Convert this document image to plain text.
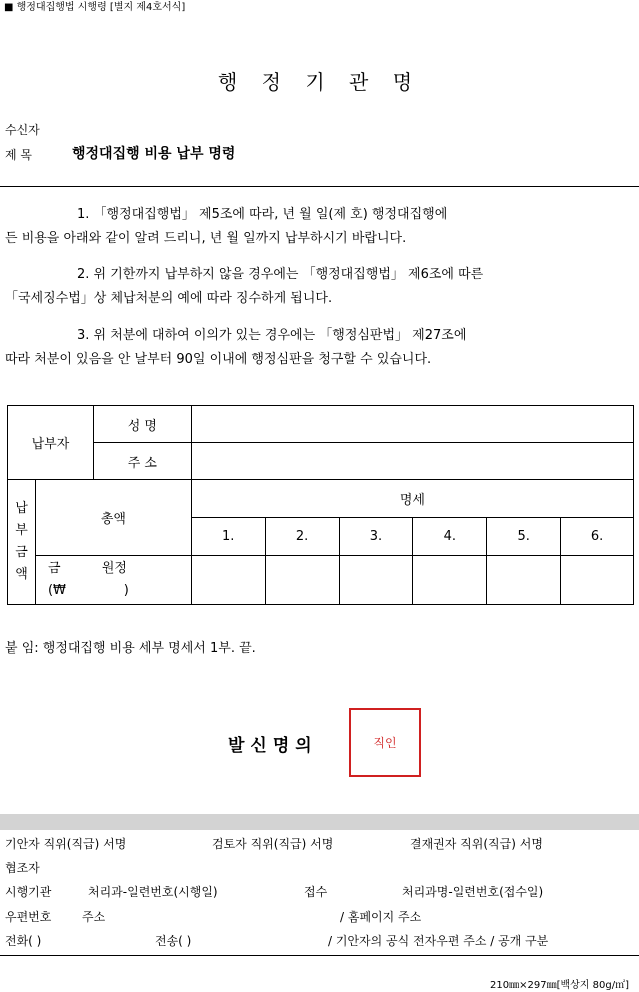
■ 행정대집행법 시행령 [별지 제4호서식]
행 정 기 관 명
수신자
제 목	행정대집행 비용 납부 명령
1. 「행정대집행법」 제5조에 따라, 년 월 일(제 호) 행정대집행에
든 비용을 아래와 같이 알려 드리니, 년 월 일까지 납부하시기 바랍니다.
2. 위 기한까지 납부하지 않을 경우에는 「행정대집행법」 제6조에 따른
「국세징수법」상 체납처분의 예에 따라 징수하게 됩니다.
3. 위 처분에 대하여 이의가 있는 경우에는 「행정심판법」 제27조에
따라 처분이 있음을 안 날부터 90일 이내에 행정심판을 청구할 수 있습니다.
납부자		성 명						
		주 소						

납
부
금
액	총액		명세					
			1.	2.	3.	4.	5.	6.

	금          원정
(₩              )							

붙 임: 행정대집행 비용 세부 명세서 1부. 끝.
발신명의	직인
기안자 직위(직급) 서명	검토자 직위(직급) 서명	결재권자 직위(직급) 서명
협조자
시행기관	처리과-일련번호(시행일)	접수	처리과명-일련번호(접수일)
우편번호	주소	/ 홈페이지 주소
전화( )	전송( )	/ 기안자의 공식 전자우편 주소 / 공개 구분
210㎜×297㎜[백상지 80g/㎡]
